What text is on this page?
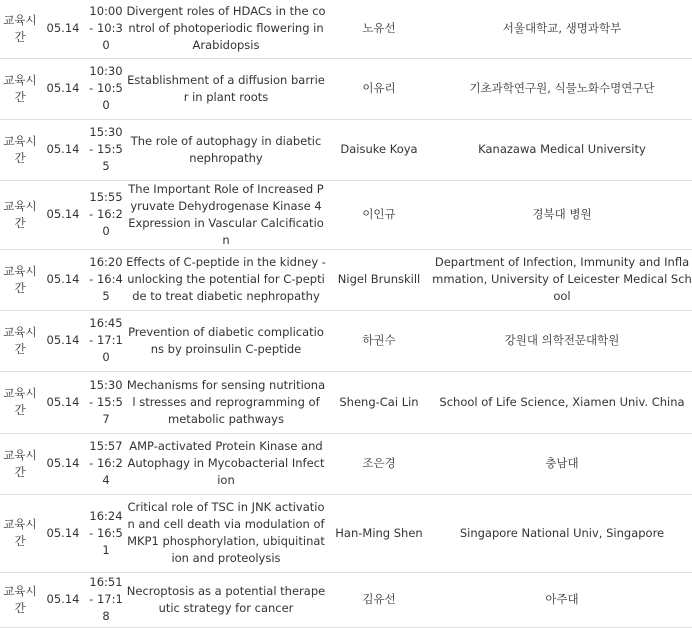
교육시간	05.14	10:00 - 10:30	Divergent roles of HDACs in the control of photoperiodic flowering in Arabidopsis	노유선	서울대학교, 생명과학부
교육시간	05.14	10:30 - 10:50	Establishment of a diffusion barrier in plant roots	이유리	기초과학연구원, 식물노화수명연구단
교육시간	05.14	15:30 - 15:55	The role of autophagy in diabetic nephropathy	Daisuke Koya	Kanazawa Medical University
교육시간	05.14	15:55 - 16:20	The Important Role of Increased Pyruvate Dehydrogenase Kinase 4 Expression in Vascular Calcification	이인규	경북대 병원
교육시간	05.14	16:20 - 16:45	Effects of C-peptide in the kidney - unlocking the potential for C-peptide to treat diabetic nephropathy	Nigel Brunskill	Department of Infection, Immunity and Inflammation, University of Leicester Medical School
교육시간	05.14	16:45 - 17:10	Prevention of diabetic complications by proinsulin C-peptide	하권수	강원대 의학전문대학원
교육시간	05.14	15:30 - 15:57	Mechanisms for sensing nutritional stresses and reprogramming of metabolic pathways	Sheng-Cai Lin	School of Life Science, Xiamen Univ. China
교육시간	05.14	15:57 - 16:24	AMP-activated Protein Kinase and Autophagy in Mycobacterial Infection	조은경	충남대
교육시간	05.14	16:24 - 16:51	Critical role of TSC in JNK activation and cell death via modulation of MKP1 phosphorylation, ubiquitination and proteolysis	Han-Ming Shen	Singapore National Univ, Singapore
교육시간	05.14	16:51 - 17:18	Necroptosis as a potential therapeutic strategy for cancer	김유선	아주대
